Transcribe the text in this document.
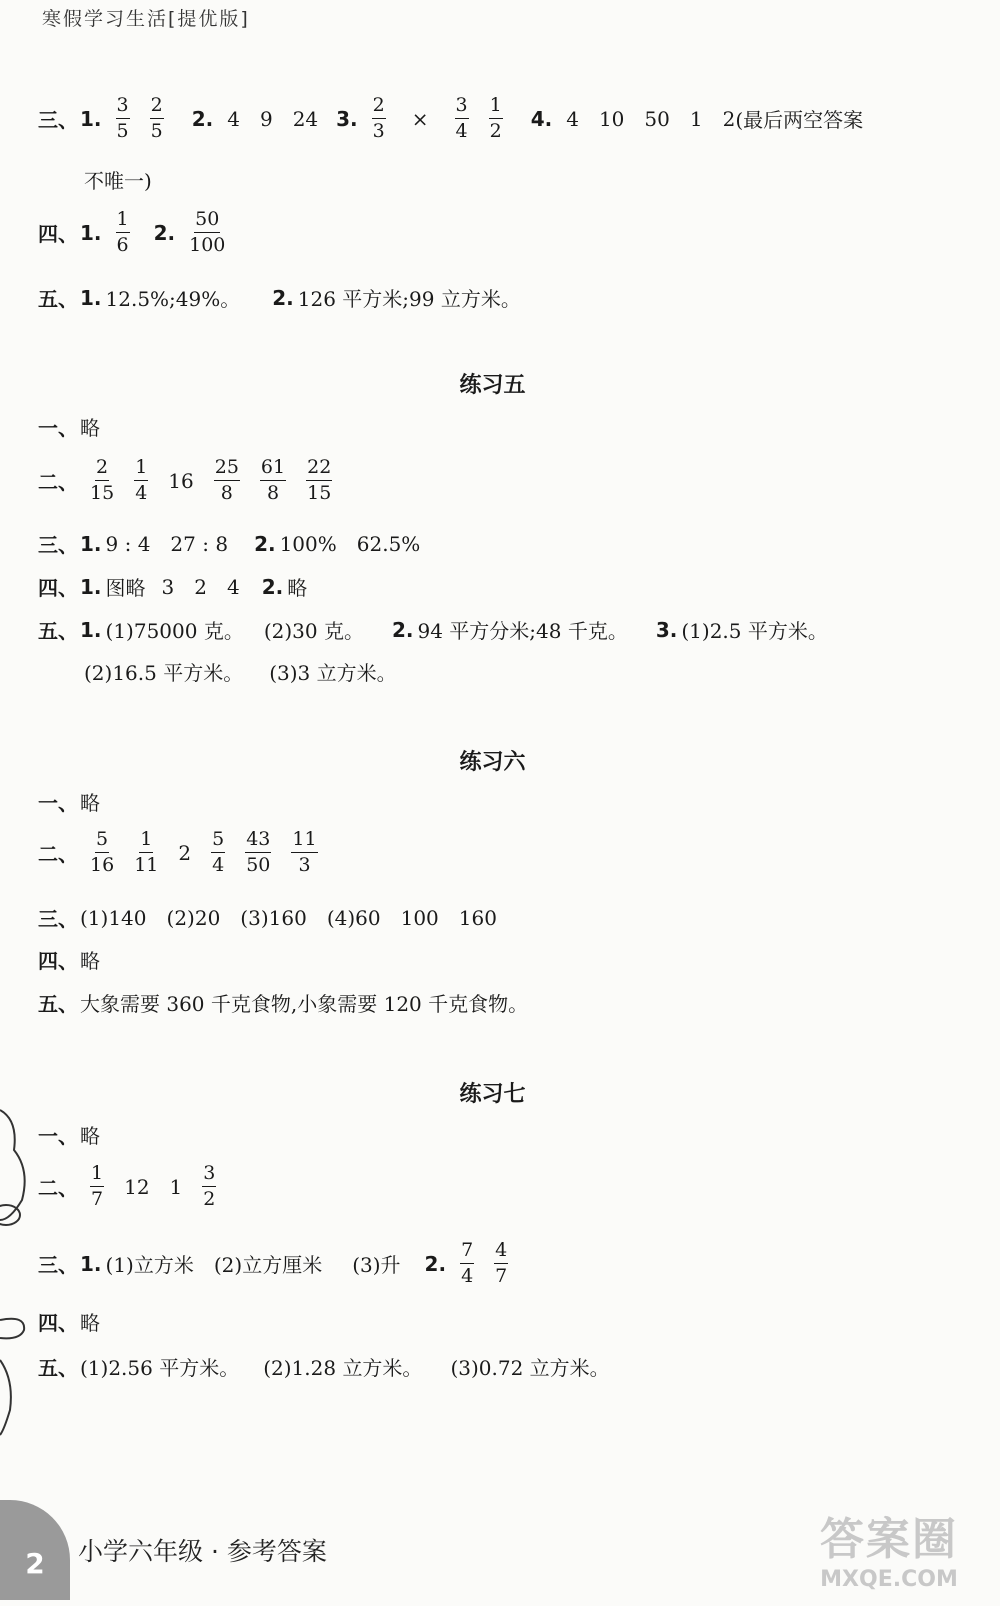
寒假学习生活[提优版]
三、 1. $\frac{3}{5} \frac{2}{5} 2$. 4 9 24 3. $\frac{2}{3} \times \frac{3}{4} \frac{1}{2} 4$. 4 10 50 1 2 (最后两空答案
不唯一)
四、 1. $\frac{1}{6} 2$. $\frac{50}{100}$
五、 1. 12.5%;49%。 2. 126 平方米;99 立方米。
练习五
一、 略
二、 $\frac{2}{15} \frac{1}{4} 16 \frac{25}{8} \frac{61}{8} \frac{22}{15}$
三、 1. 9 : 4 27 : 8 2. 100% 62.5%
四、 1. 图略 3 2 4 2. 略
五、 1. (1)75000 克。 (2)30 克。 2. 94 平方分米;48 千克。 3. (1)2.5 平方米。
(2)16.5 平方米。 (3)3 立方米。
练习六
一、 略
二、 $\frac{5}{16} \frac{1}{11} 2 \frac{5}{4} \frac{43}{50} \frac{11}{3}$
三、 (1)140 (2)20 (3)160 (4)60 100 160
四、 略
五、 大象需要 360 千克食物,小象需要 120 千克食物。
练习七
一、 略
二、 $\frac{1}{7} 12$ $1 \frac{3}{2}$
三、 1. (1)立方米 (2)立方厘米 (3)升 2. $\frac{7}{4} \frac{4}{7}$
四、 略
五、 (1)2.56 平方米。 (2)1.28 立方米。 (3)0.72 立方米。
2	小学六年级 · 参考答案	答案圈
MXQE.COM
